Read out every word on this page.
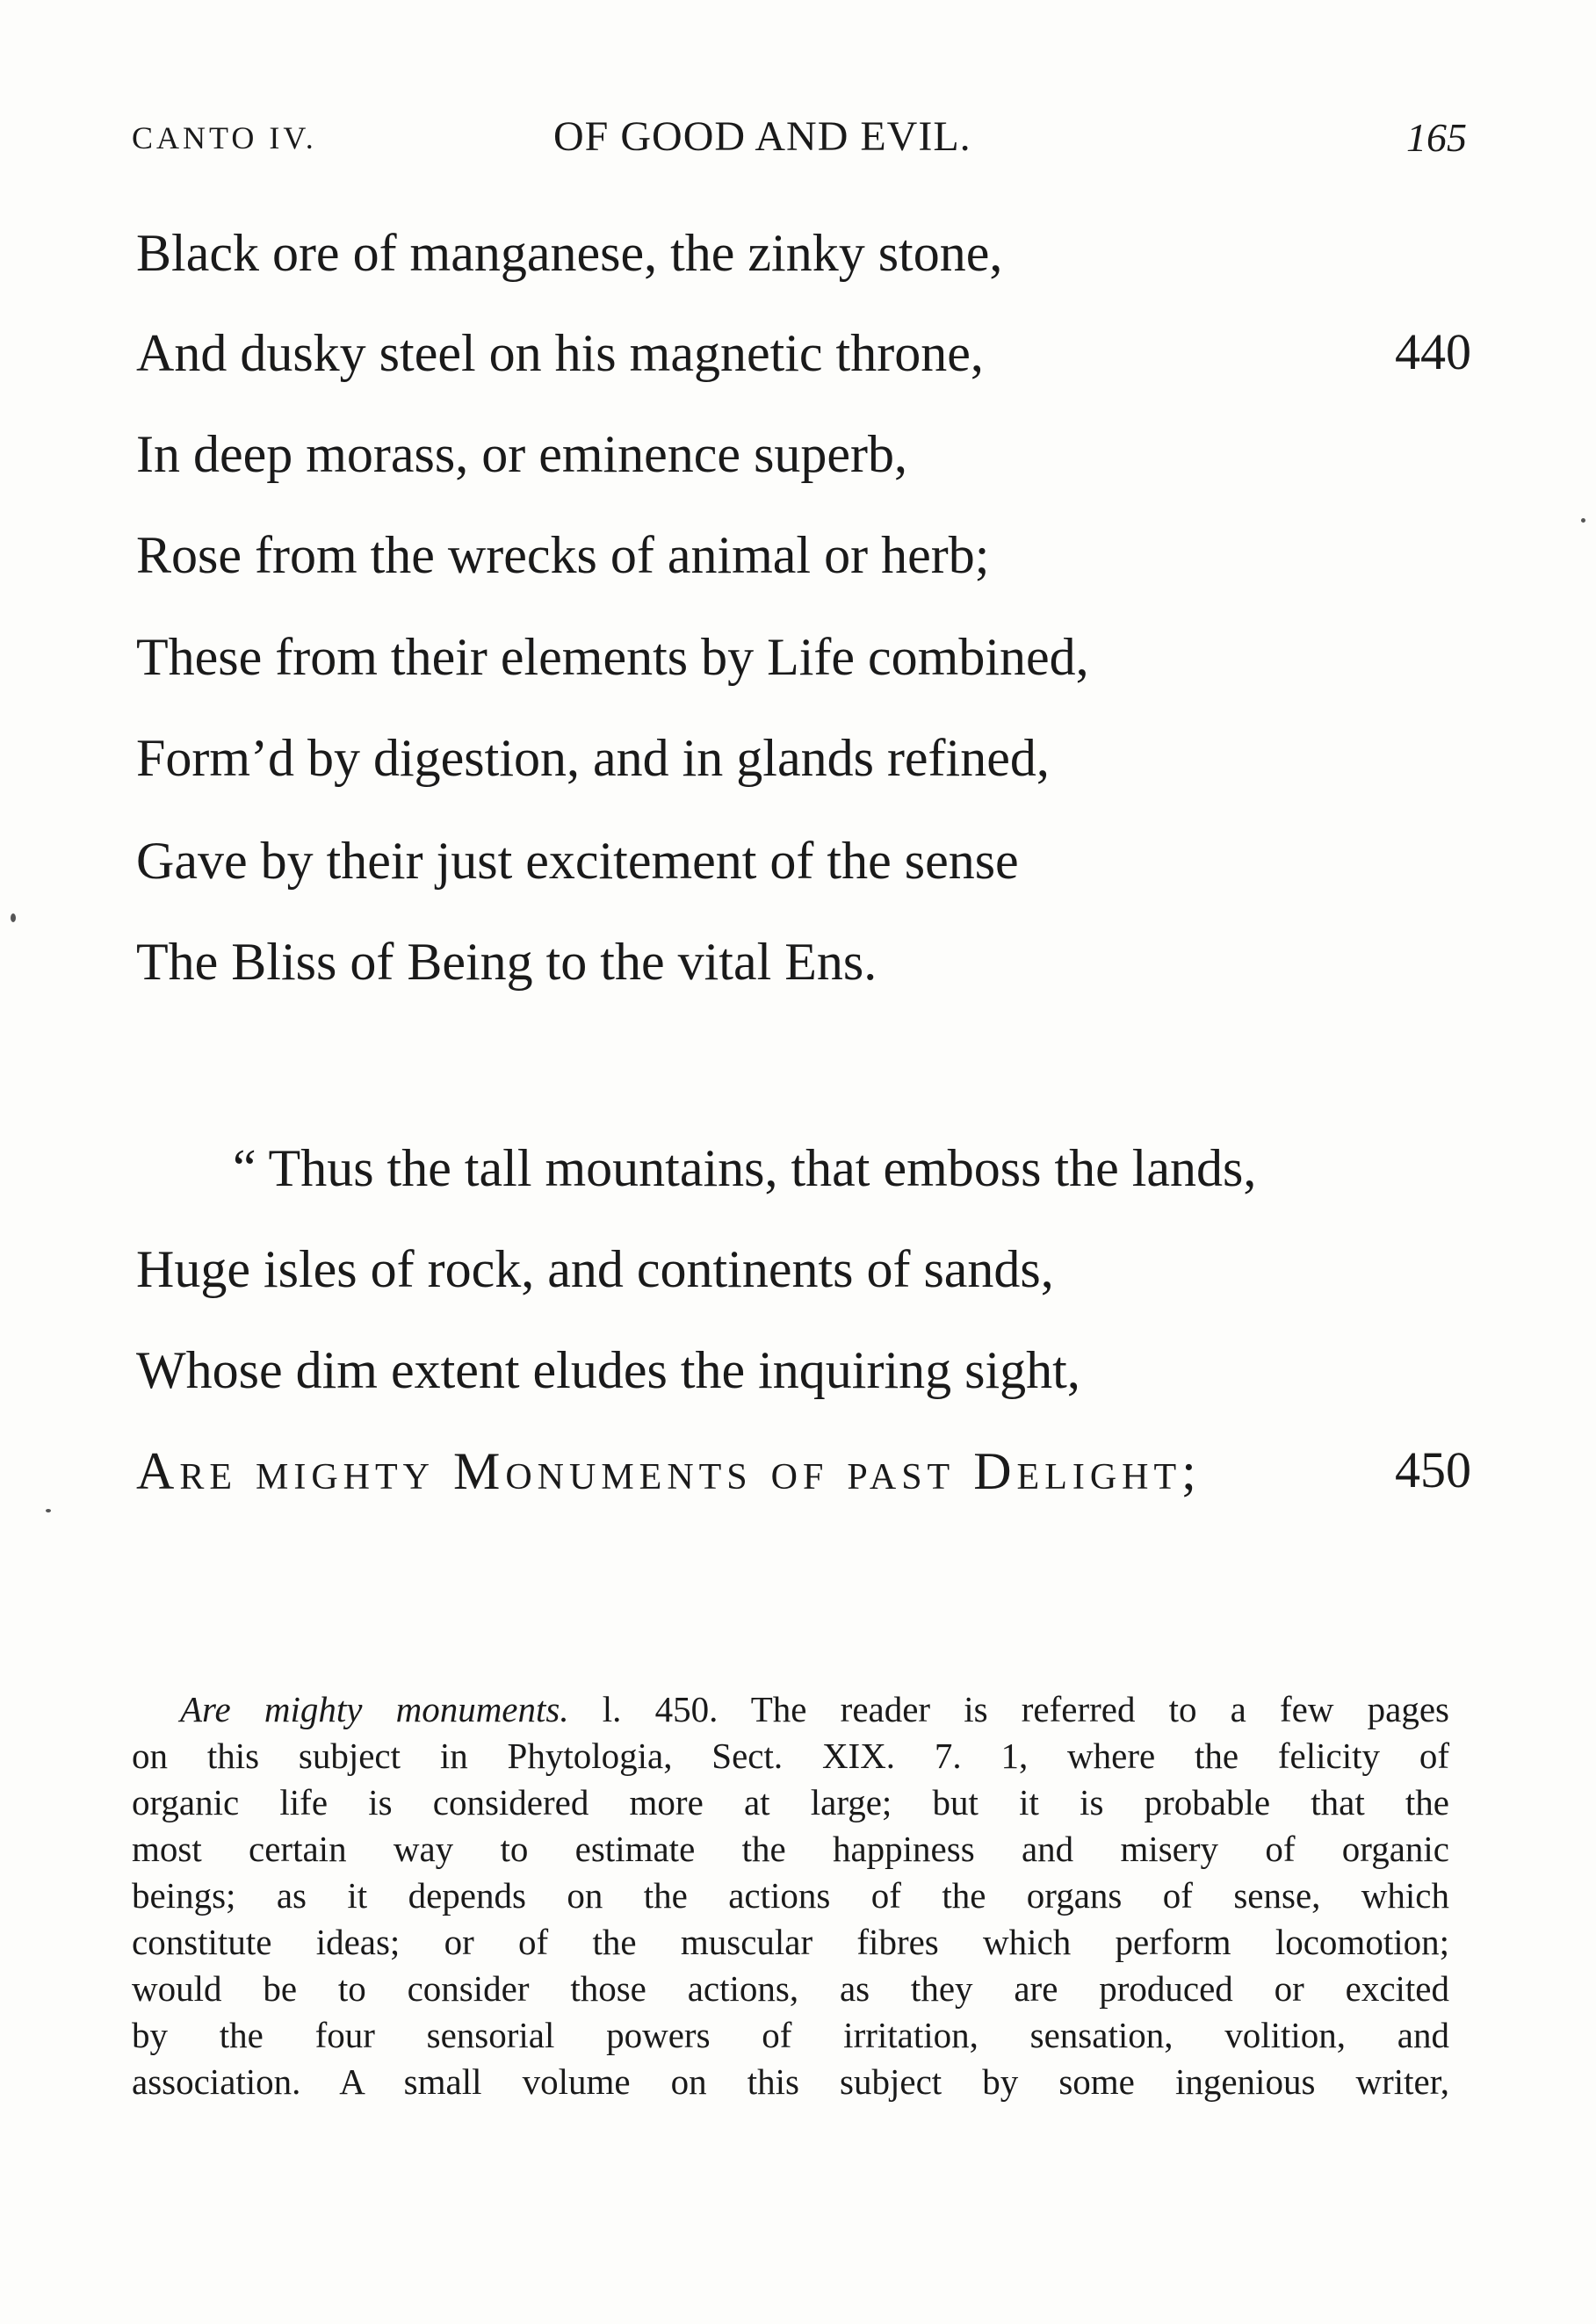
CANTO IV.	OF GOOD AND EVIL.	165
Black ore of manganese, the zinky stone,
And dusky steel on his magnetic throne,	440
In deep morass, or eminence superb,
Rose from the wrecks of animal or herb;
These from their elements by Life combined,
Form’d by digestion, and in glands refined,
Gave by their just excitement of the sense
The Bliss of Being to the vital Ens.
“ Thus the tall mountains, that emboss the lands,
Huge isles of rock, and continents of sands,
Whose dim extent eludes the inquiring sight,
Are mighty Monuments of past Delight;	450
Are mighty monuments. l. 450. The reader is referred to a few pages
on this subject in Phytologia, Sect. XIX. 7. 1, where the felicity of
organic life is considered more at large; but it is probable that the
most certain way to estimate the happiness and misery of organic
beings; as it depends on the actions of the organs of sense, which
constitute ideas; or of the muscular fibres which perform locomotion;
would be to consider those actions, as they are produced or excited
by the four sensorial powers of irritation, sensation, volition, and
association. A small volume on this subject by some ingenious writer,
